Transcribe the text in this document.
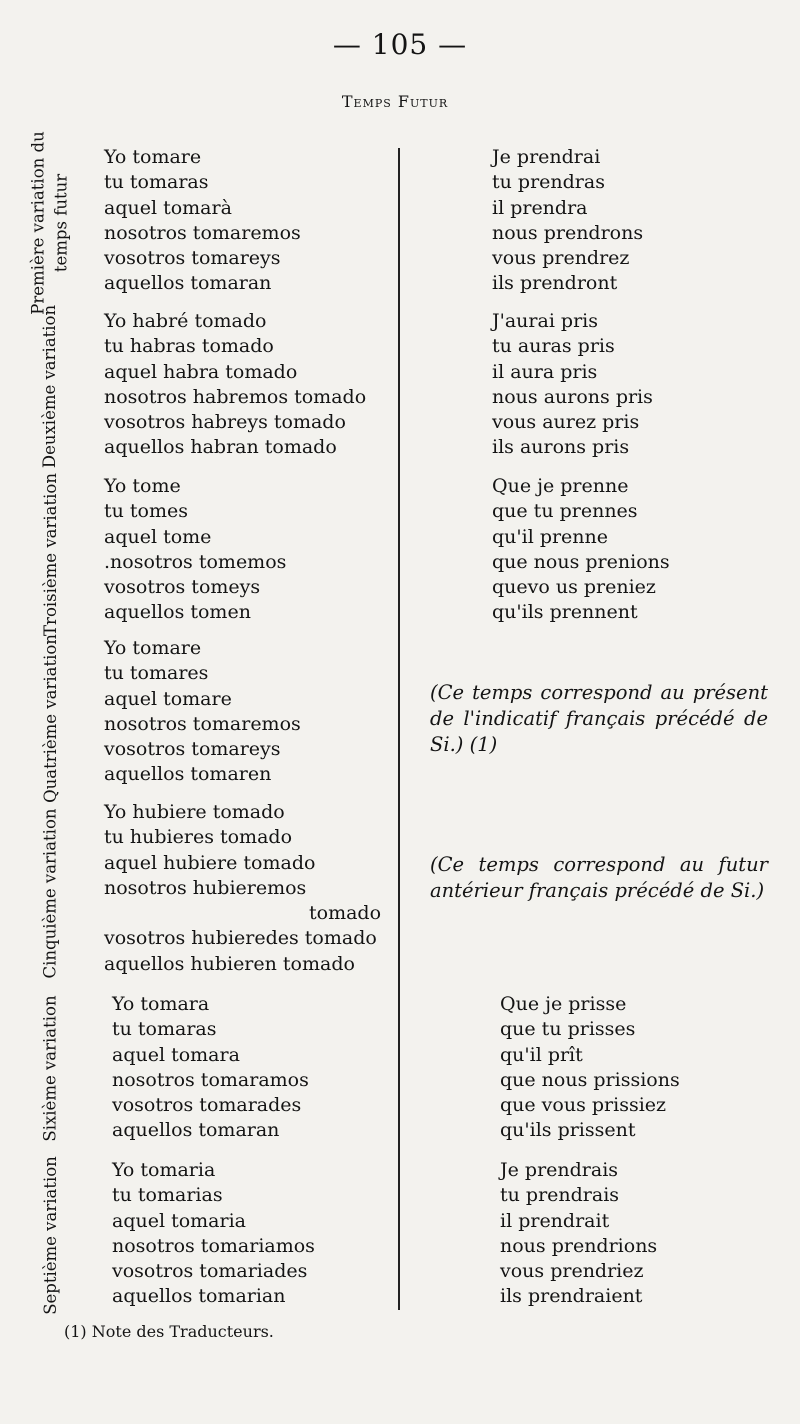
— 105 —
Temps Futur
Première variation du temps futur
Yo tomare
tu tomaras
aquel tomarà
nosotros tomaremos
vosotros tomareys
aquellos tomaran
Je prendrai
tu prendras
il prendra
nous prendrons
vous prendrez
ils prendront
Deuxième variation Yo habré tomado
tu habras tomado
aquel habra tomado
nosotros habremos tomado
vosotros habreys tomado
aquellos habran tomado
J'aurai pris
tu auras pris
il aura pris
nous aurons pris
vous aurez pris
ils aurons pris
Troisième variation Yo tome
tu tomes
aquel tome
.nosotros tomemos
vosotros tomeys
aquellos tomen
Que je prenne
que tu prennes
qu'il prenne
que nous prenions
quevo us preniez
qu'ils prennent
Quatrième variation Yo tomare
tu tomares
aquel tomare
nosotros tomaremos
vosotros tomareys
aquellos tomaren
(Ce temps correspond au présent de l'indicatif français précédé de Si.) (1)
Cinquième variation Yo hubiere tomado
tu hubieres tomado
aquel hubiere tomado
nosotros hubieremos
tomado
vosotros hubieredes tomado
aquellos hubieren tomado
(Ce temps correspond au futur antérieur français précédé de Si.)
Sixième variation	Yo tomara
tu tomaras
aquel tomara
nosotros tomaramos
vosotros tomarades
aquellos tomaran
Que je prisse
que tu prisses
qu'il prît
que nous prissions
que vous prissiez
qu'ils prissent
Septième variation	Yo tomaria
tu tomarias
aquel tomaria
nosotros tomariamos
vosotros tomariades
aquellos tomarian
Je prendrais
tu prendrais
il prendrait
nous prendrions
vous prendriez
ils prendraient
(1) Note des Traducteurs.
